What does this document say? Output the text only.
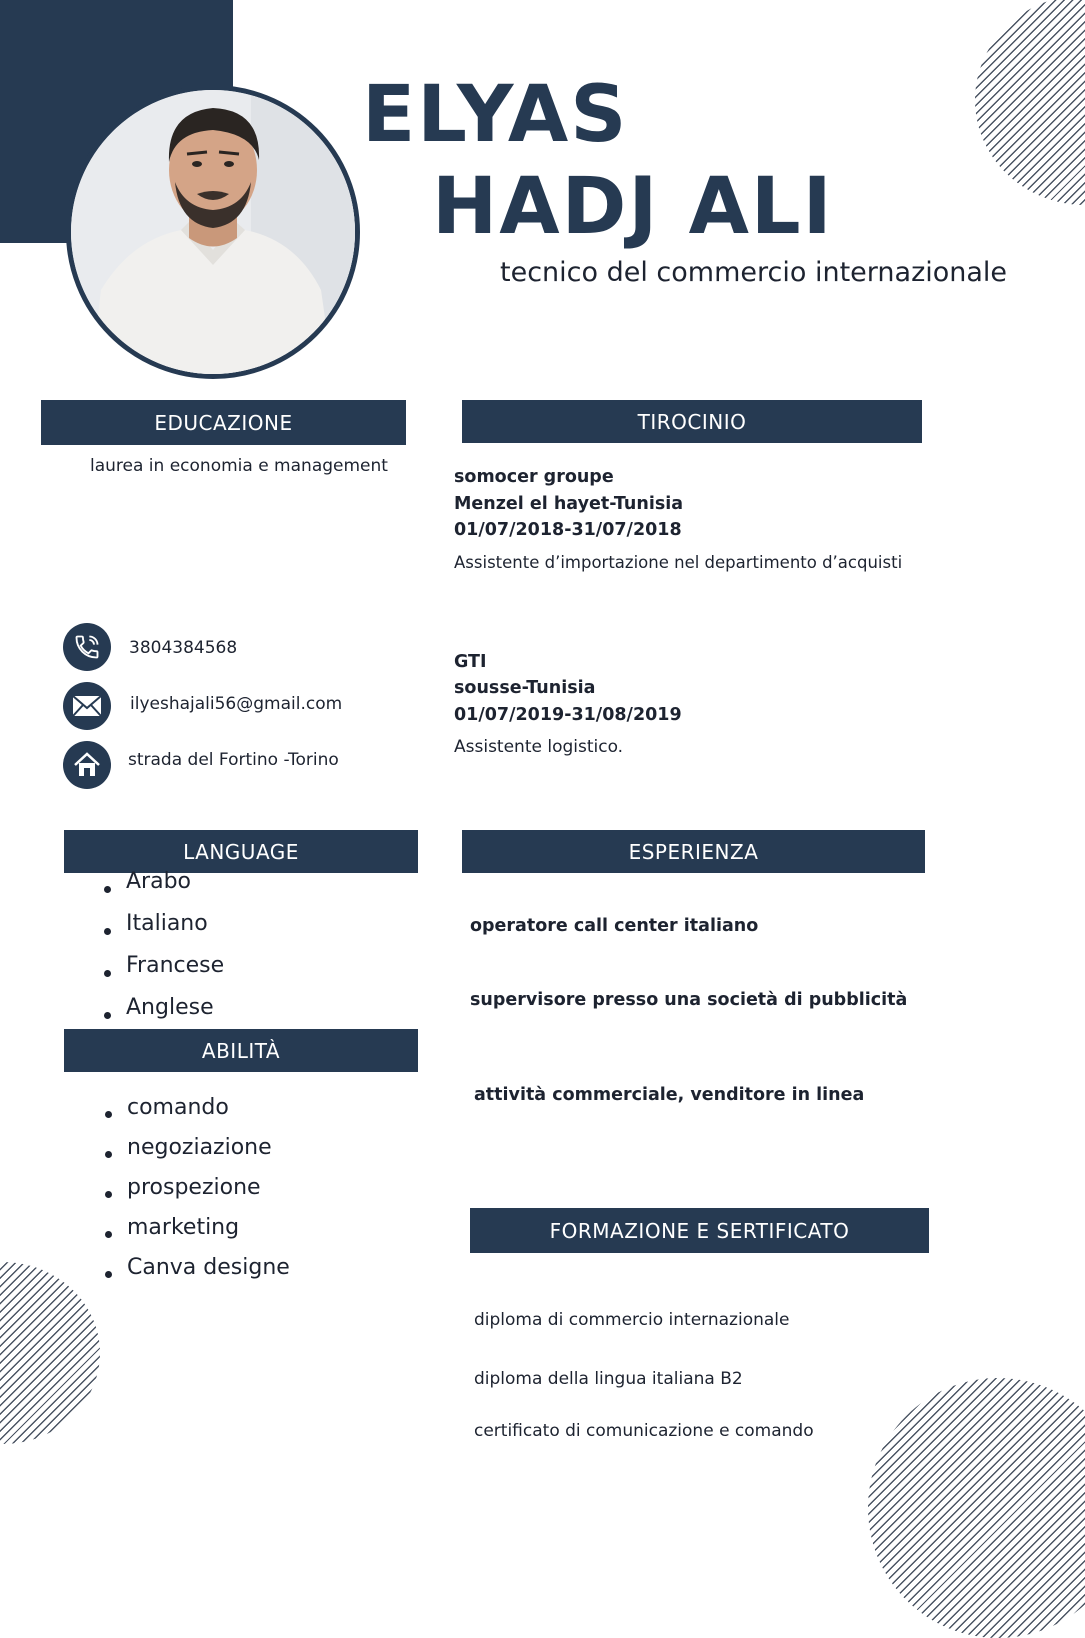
ELYAS
HADJ ALI
tecnico del commercio internazionale
EDUCAZIONE
laurea in economia e management
TIROCINIO
somocer groupe
Menzel el hayet-Tunisia
01/07/2018-31/07/2018
Assistente d’importazione nel departimento d’acquisti
GTI
sousse-Tunisia
01/07/2019-31/08/2019
Assistente logistico.
3804384568
ilyeshajali56@gmail.com
strada del Fortino -Torino
LANGUAGE
Arabo
Italiano
Francese
Anglese
ABILITÀ
comando
negoziazione
prospezione
marketing
Canva designe
ESPERIENZA
operatore call center italiano
supervisore presso una società di pubblicità
attività commerciale, venditore in linea
FORMAZIONE E SERTIFICATO
diploma di commercio internazionale
diploma della lingua italiana B2
certificato di comunicazione e comando
